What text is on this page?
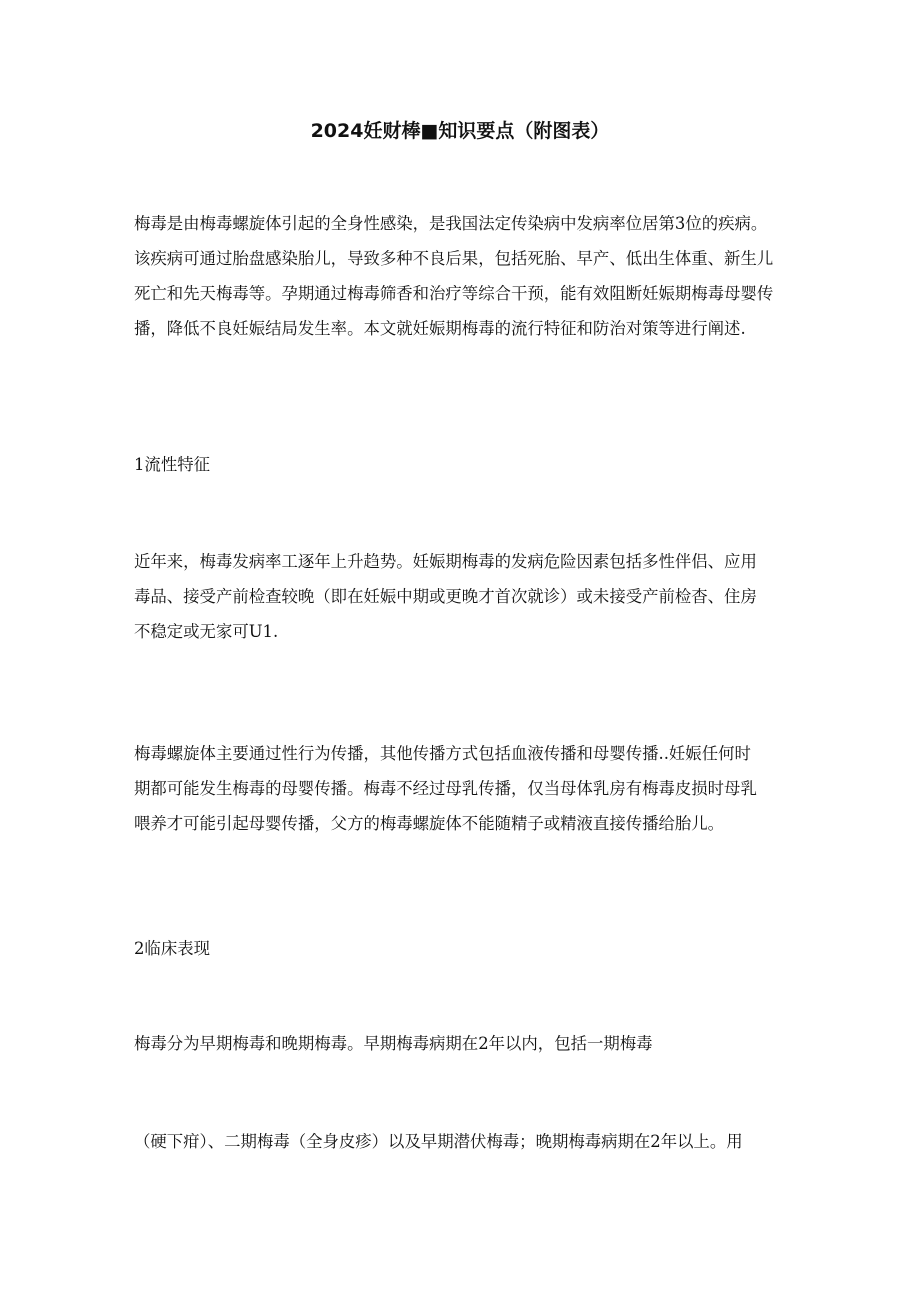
2024妊财棒■知识要点（附图表）
梅毒是由梅毒螺旋体引起的全身性感染，是我国法定传染病中发病率位居第3位的疾病。
该疾病可通过胎盘感染胎儿，导致多种不良后果，包括死胎、早产、低出生体重、新生儿
死亡和先天梅毒等。孕期通过梅毒筛香和治疗等综合干预，能有效阻断妊娠期梅毒母婴传
播，降低不良妊娠结局发生率。本文就妊娠期梅毒的流行特征和防治对策等进行阐述.
1流性特征
近年来，梅毒发病率工逐年上升趋势。妊娠期梅毒的发病危险因素包括多性伴侣、应用
毒品、接受产前检查较晚（即在妊娠中期或更晚才首次就诊）或未接受产前检杳、住房
不稳定或无家可U1.
梅毒螺旋体主要通过性行为传播，其他传播方式包括血液传播和母婴传播..妊娠任何时
期都可能发生梅毒的母婴传播。梅毒不经过母乳传播，仅当母体乳房有梅毒皮损时母乳
喂养才可能引起母婴传播，父方的梅毒螺旋体不能随精子或精液直接传播给胎儿。
2临床表现
梅毒分为早期梅毒和晚期梅毒。早期梅毒病期在2年以内，包括一期梅毒
（硬下疳）、二期梅毒（全身皮疹）以及早期潜伏梅毒；晚期梅毒病期在2年以上。用
